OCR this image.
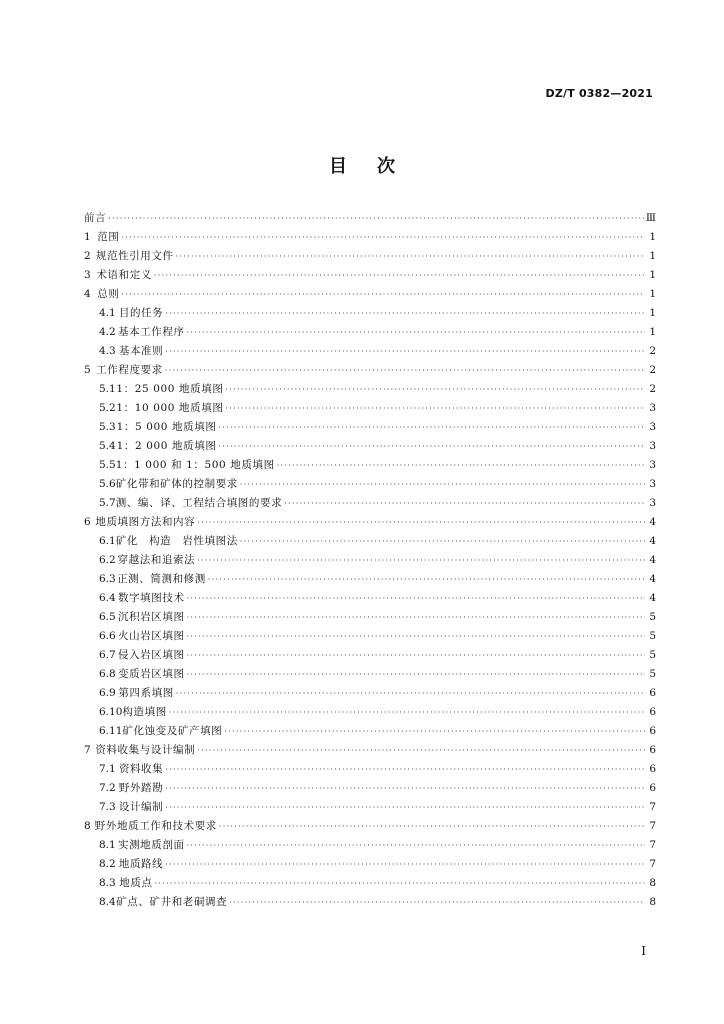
DZ/T 0382—2021
目 次
前言 ·····	Ⅲ
1 范围 ·····	1
2 规范性引用文件 ·····	1
3 术语和定义 ·····	1
4 总则 ·····	1
4.1 目的任务 ·····	1
4.2 基本工作程序 ·····	1
4.3 基本准则 ·····	2
5 工作程度要求 ·····	2
5.1 1：25 000 地质填图 ·····	2
5.2 1：10 000 地质填图 ·····	3
5.3 1：5 000 地质填图 ·····	3
5.4 1：2 000 地质填图 ·····	3
5.5 1：1 000 和 1：500 地质填图 ·····	3
5.6 矿化带和矿体的控制要求 ·····	3
5.7 测、编、译、工程结合填图的要求 ·····	3
6 地质填图方法和内容 ·····	4
6.1 矿化　构造　岩性填图法 ·····	4
6.2 穿越法和追索法 ·····	4
6.3 正测、简测和修测 ·····	4
6.4 数字填图技术 ·····	4
6.5 沉积岩区填图 ·····	5
6.6 火山岩区填图 ·····	5
6.7 侵入岩区填图 ·····	5
6.8 变质岩区填图 ·····	5
6.9 第四系填图 ·····	6
6.10 构造填图 ·····	6
6.11 矿化蚀变及矿产填图 ·····	6
7 资料收集与设计编制 ·····	6
7.1 资料收集 ·····	6
7.2 野外踏勘 ·····	6
7.3 设计编制 ·····	7
8 野外地质工作和技术要求 ·····	7
8.1 实测地质剖面 ·····	7
8.2 地质路线 ·····	7
8.3 地质点 ·····	8
8.4 矿点、矿井和老硐调查 ·····	8
I
